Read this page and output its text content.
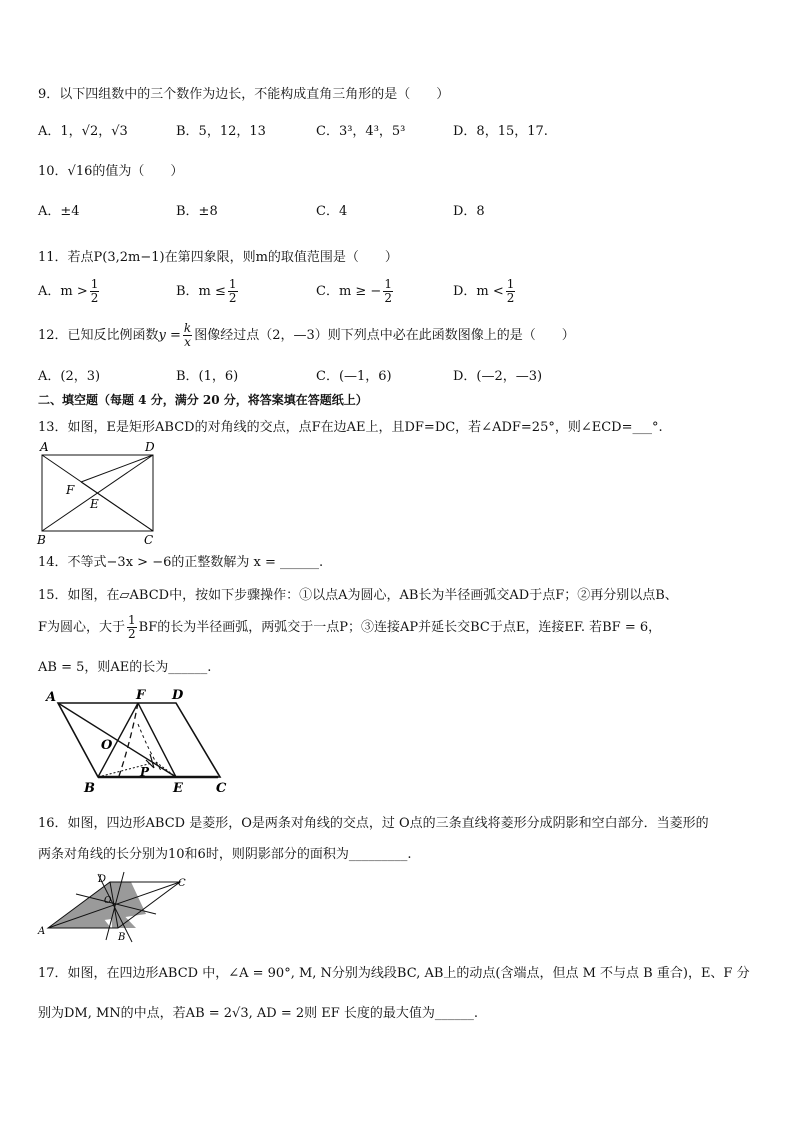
9．以下四组数中的三个数作为边长，不能构成直角三角形的是（　　）
A．1，√2，√3	B．5，12，13	C．3³，4³，5³	D．8，15，17.
10．√16的值为（　　）
A．±4	B．±8	C．4	D．8
11．若点P(3,2m−1)在第四象限，则m的取值范围是（　　）
A．$m > \frac{1}{2}$	B．$m \le \frac{1}{2}$	C．m ≥ − $\frac{1}{2}$	D．$m < \frac{1}{2}$
12．已知反比例函数$y = \frac{k}{x}$ 图像经过点（2，—3）则下列点中必在此函数图像上的是（　　）
A．(2，3)	B．(1，6)	C．(—1，6)	D．(—2，—3)
二、填空题（每题 4 分，满分 20 分，将答案填在答题纸上）
13．如图，E是矩形ABCD的对角线的交点，点F在边AE上，且DF=DC，若∠ADF=25°，则∠ECD=___°.
A	D
F
E
B	C
14．不等式−3x > −6的正整数解为 x = ______.
15．如图，在▱ABCD中，按如下步骤操作：①以点A为圆心，AB长为半径画弧交AD于点F；②再分别以点B、
F为圆心，大于 $\frac{1}{2}$ BF的长为半径画弧，两弧交于一点P；③连接AP并延长交BC于点E，连接EF. 若BF = 6，
AB = 5，则AE的长为______.
A	F D
O
P
B	E	C
16．如图，四边形ABCD 是菱形，O是两条对角线的交点，过 O点的三条直线将菱形分成阴影和空白部分．当菱形的
两条对角线的长分别为10和6时，则阴影部分的面积为_________.
D	C
O
A
B
17．如图，在四边形ABCD 中，∠A = 90°, M, N分别为线段BC, AB上的动点(含端点，但点 M 不与点 B 重合)，E、F 分
别为DM, MN的中点，若AB = 2√3, AD = 2则 EF 长度的最大值为______.
